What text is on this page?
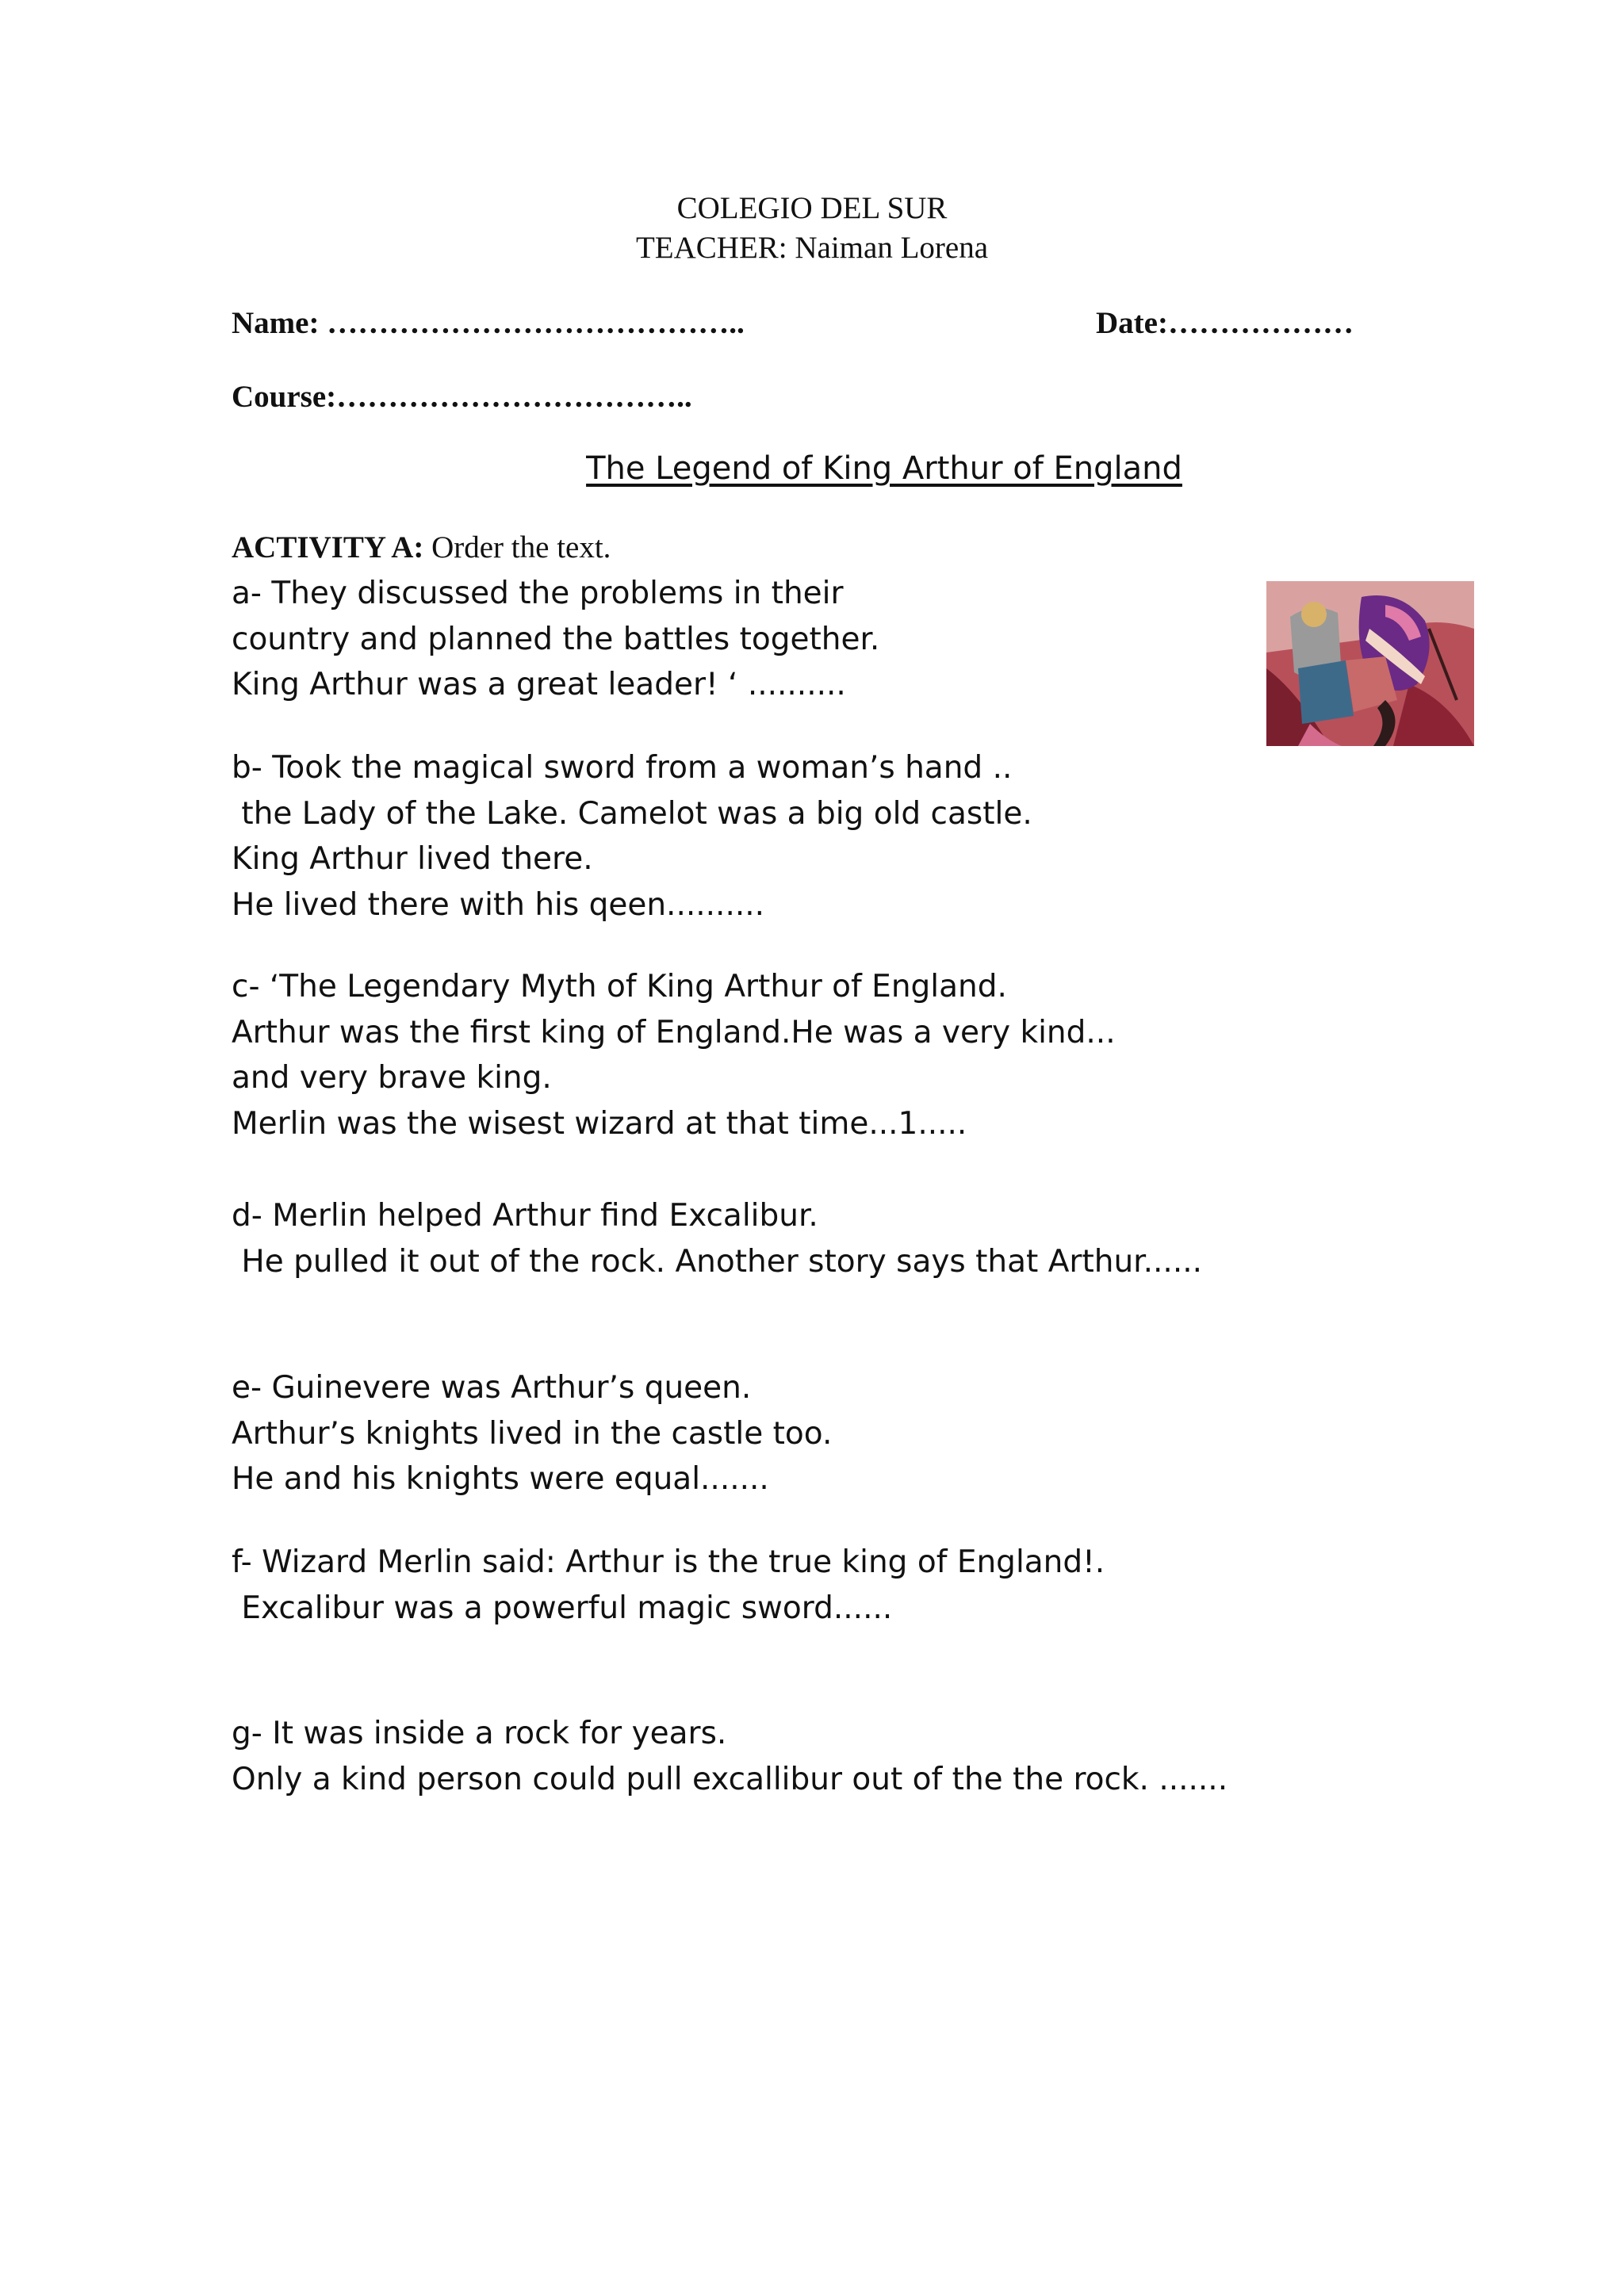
COLEGIO DEL SUR
TEACHER: Naiman Lorena
Name: …………………………………..	Date:………………
Course:……………………………..
The Legend of King Arthur of England
ACTIVITY A: Order the text.

a- They discussed the problems in their

country and planned the battles together.

King Arthur was a great leader! ‘ ..........

b- Took the magical sword from a woman’s hand ..

the Lady of the Lake. Camelot was a big old castle.

King Arthur lived there.

He lived there with his qeen..........

c- ‘The Legendary Myth of King Arthur of England.

Arthur was the first king of England.He was a very kind...

and very brave king.

Merlin was the wisest wizard at that time...1.....

d- Merlin helped Arthur find Excalibur.

He pulled it out of the rock. Another story says that Arthur......

e- Guinevere was Arthur’s queen.

Arthur’s knights lived in the castle too.

He and his knights were equal.......

f- Wizard Merlin said: Arthur is the true king of England!.

Excalibur was a powerful magic sword......

g- It was inside a rock for years.

Only a kind person could pull excallibur out of the the rock. .......
